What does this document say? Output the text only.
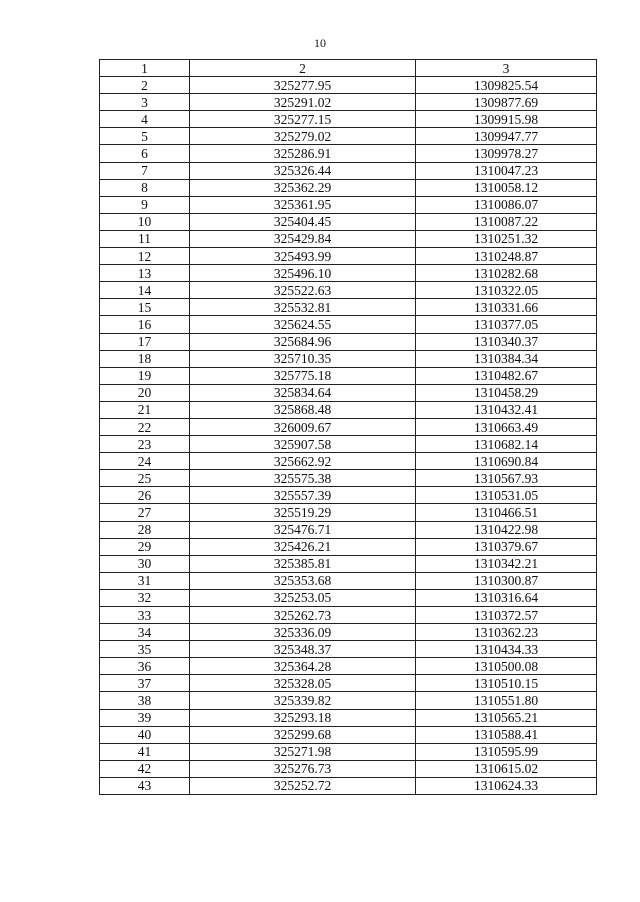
10
1	2	3
2	325277.95	1309825.54
3	325291.02	1309877.69
4	325277.15	1309915.98
5	325279.02	1309947.77
6	325286.91	1309978.27
7	325326.44	1310047.23
8	325362.29	1310058.12
9	325361.95	1310086.07
10	325404.45	1310087.22
11	325429.84	1310251.32
12	325493.99	1310248.87
13	325496.10	1310282.68
14	325522.63	1310322.05
15	325532.81	1310331.66
16	325624.55	1310377.05
17	325684.96	1310340.37
18	325710.35	1310384.34
19	325775.18	1310482.67
20	325834.64	1310458.29
21	325868.48	1310432.41
22	326009.67	1310663.49
23	325907.58	1310682.14
24	325662.92	1310690.84
25	325575.38	1310567.93
26	325557.39	1310531.05
27	325519.29	1310466.51
28	325476.71	1310422.98
29	325426.21	1310379.67
30	325385.81	1310342.21
31	325353.68	1310300.87
32	325253.05	1310316.64
33	325262.73	1310372.57
34	325336.09	1310362.23
35	325348.37	1310434.33
36	325364.28	1310500.08
37	325328.05	1310510.15
38	325339.82	1310551.80
39	325293.18	1310565.21
40	325299.68	1310588.41
41	325271.98	1310595.99
42	325276.73	1310615.02
43	325252.72	1310624.33
